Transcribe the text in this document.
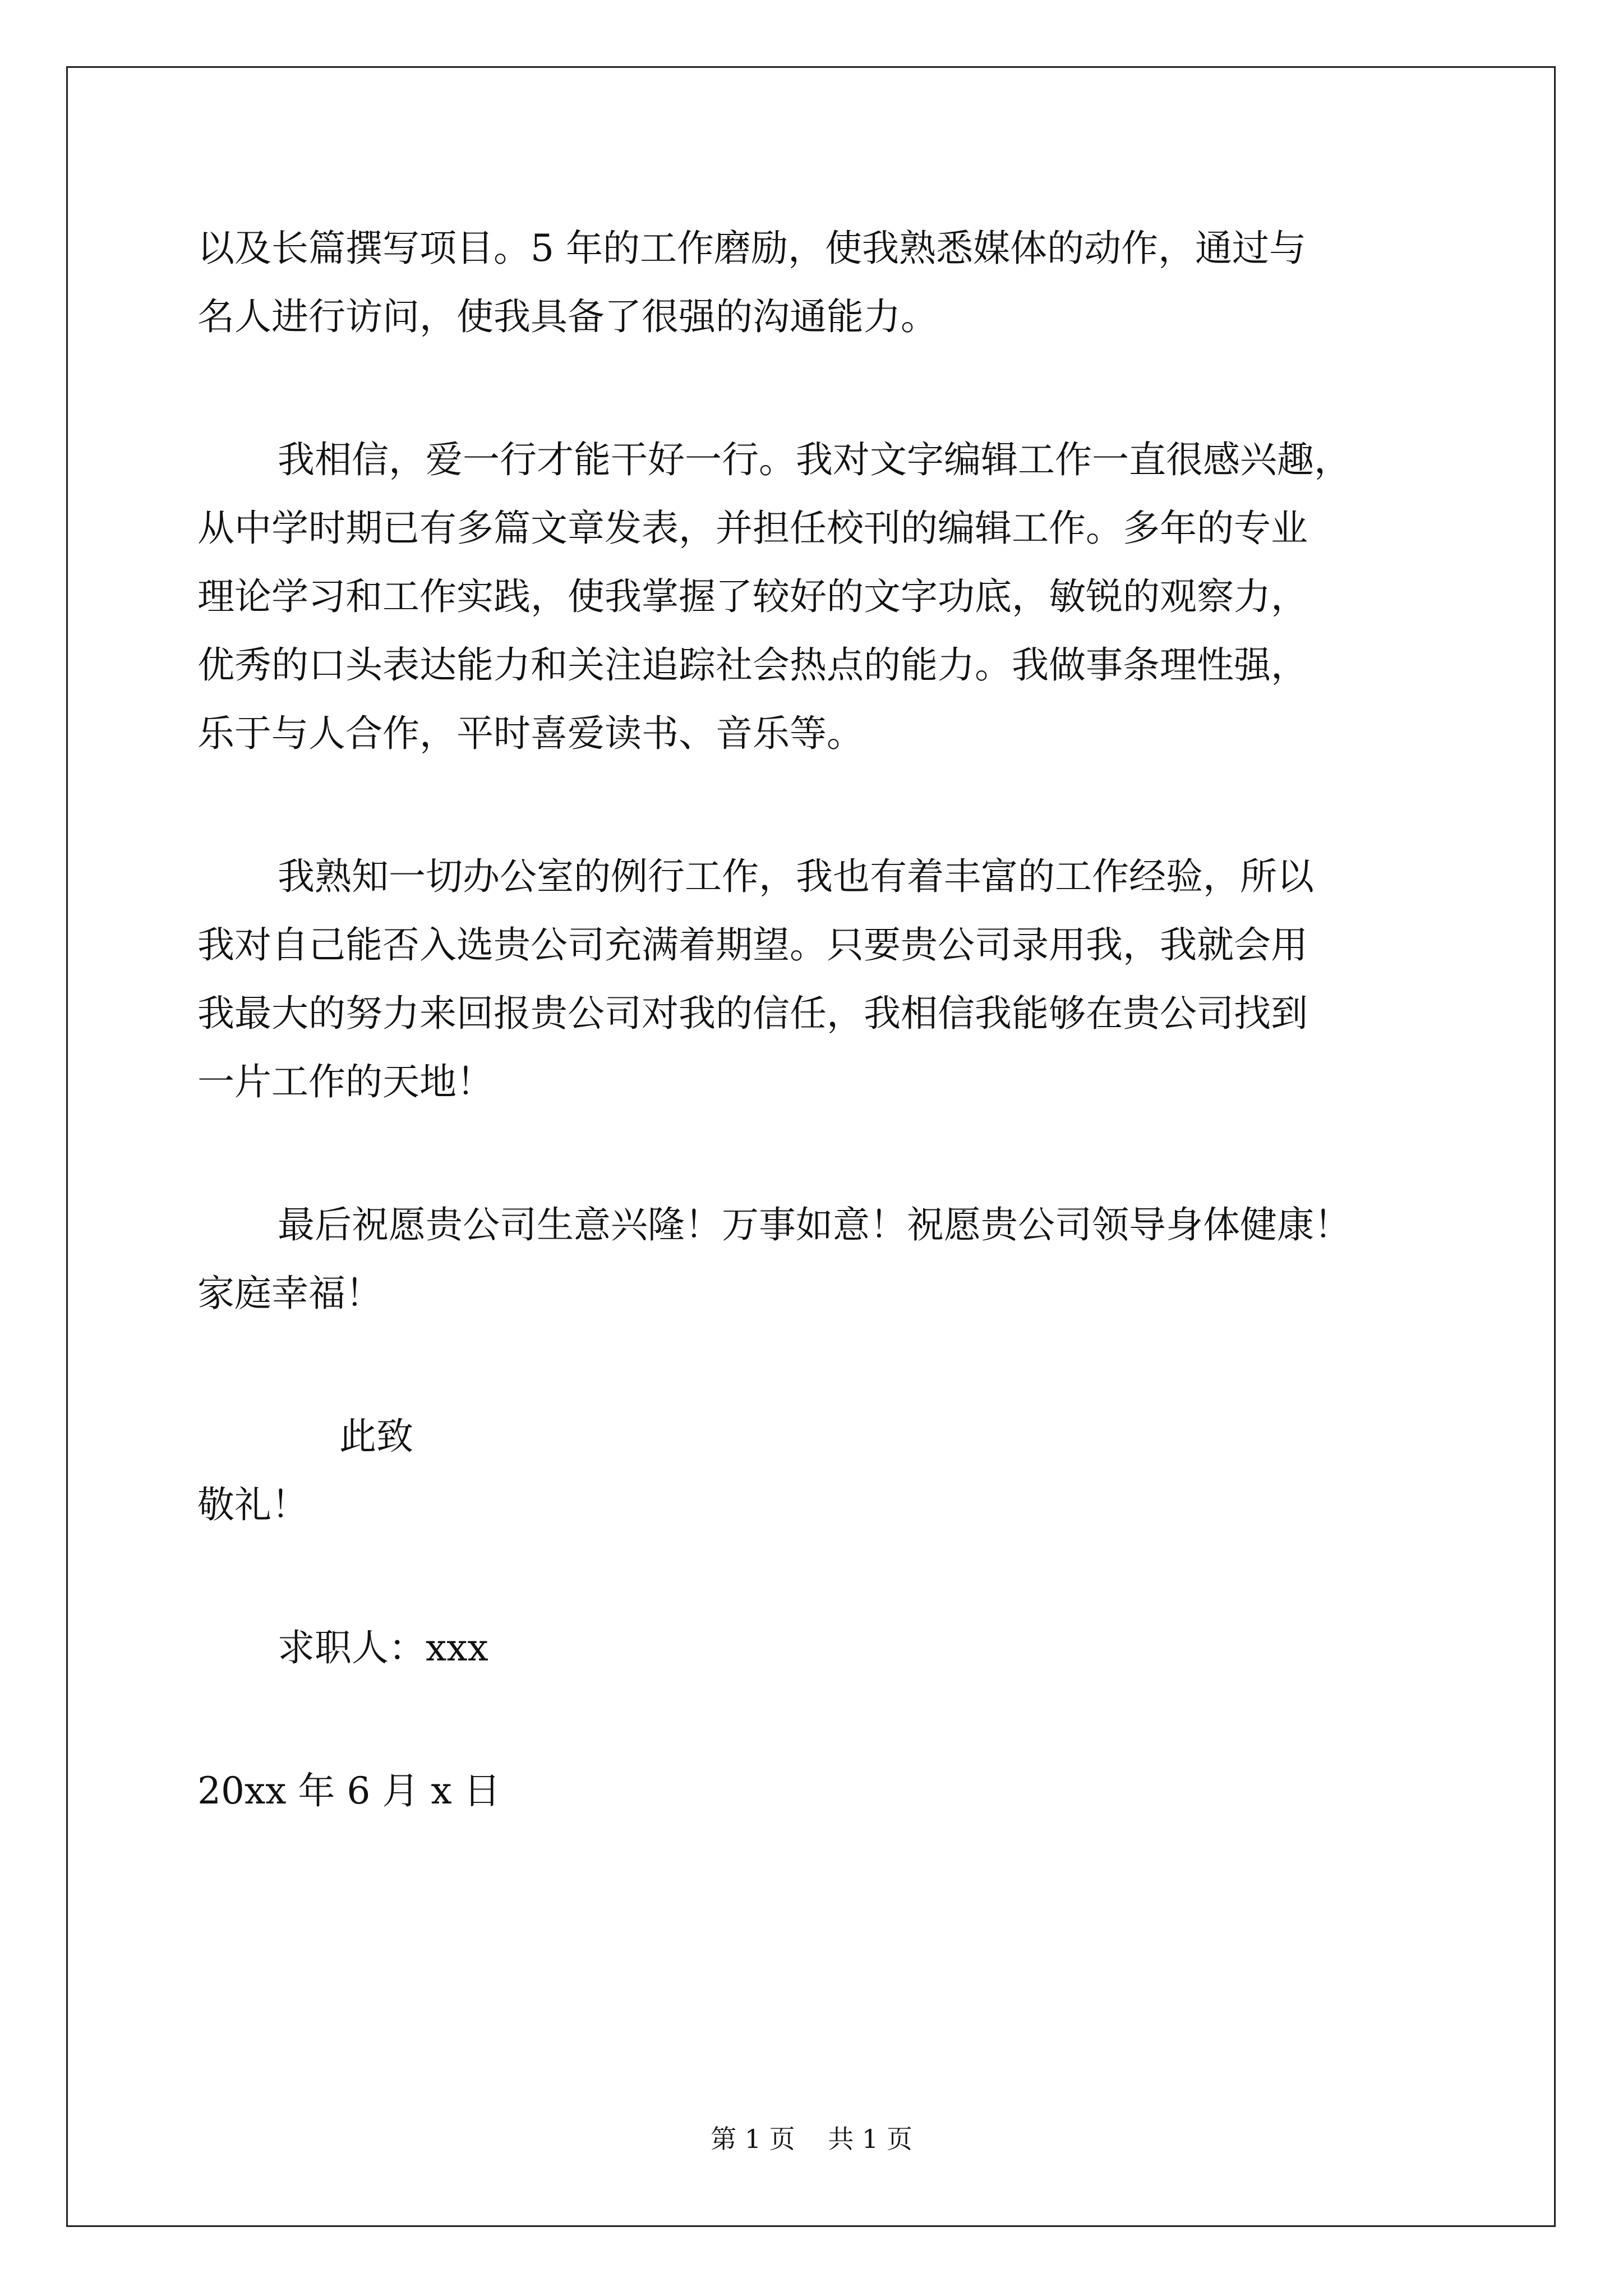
以及长篇撰写项目。5 年的工作磨励，使我熟悉媒体的动作，通过与
名人进行访问，使我具备了很强的沟通能力。
我相信，爱一行才能干好一行。我对文字编辑工作一直很感兴趣，
从中学时期已有多篇文章发表，并担任校刊的编辑工作。多年的专业
理论学习和工作实践，使我掌握了较好的文字功底，敏锐的观察力，
优秀的口头表达能力和关注追踪社会热点的能力。我做事条理性强，
乐于与人合作，平时喜爱读书、音乐等。
我熟知一切办公室的例行工作，我也有着丰富的工作经验，所以
我对自己能否入选贵公司充满着期望。只要贵公司录用我，我就会用
我最大的努力来回报贵公司对我的信任，我相信我能够在贵公司找到
一片工作的天地！
最后祝愿贵公司生意兴隆！万事如意！祝愿贵公司领导身体健康！
家庭幸福！
此致
敬礼！
求职人：xxx
20xx 年 6 月 x 日
第 1 页 共 1 页
